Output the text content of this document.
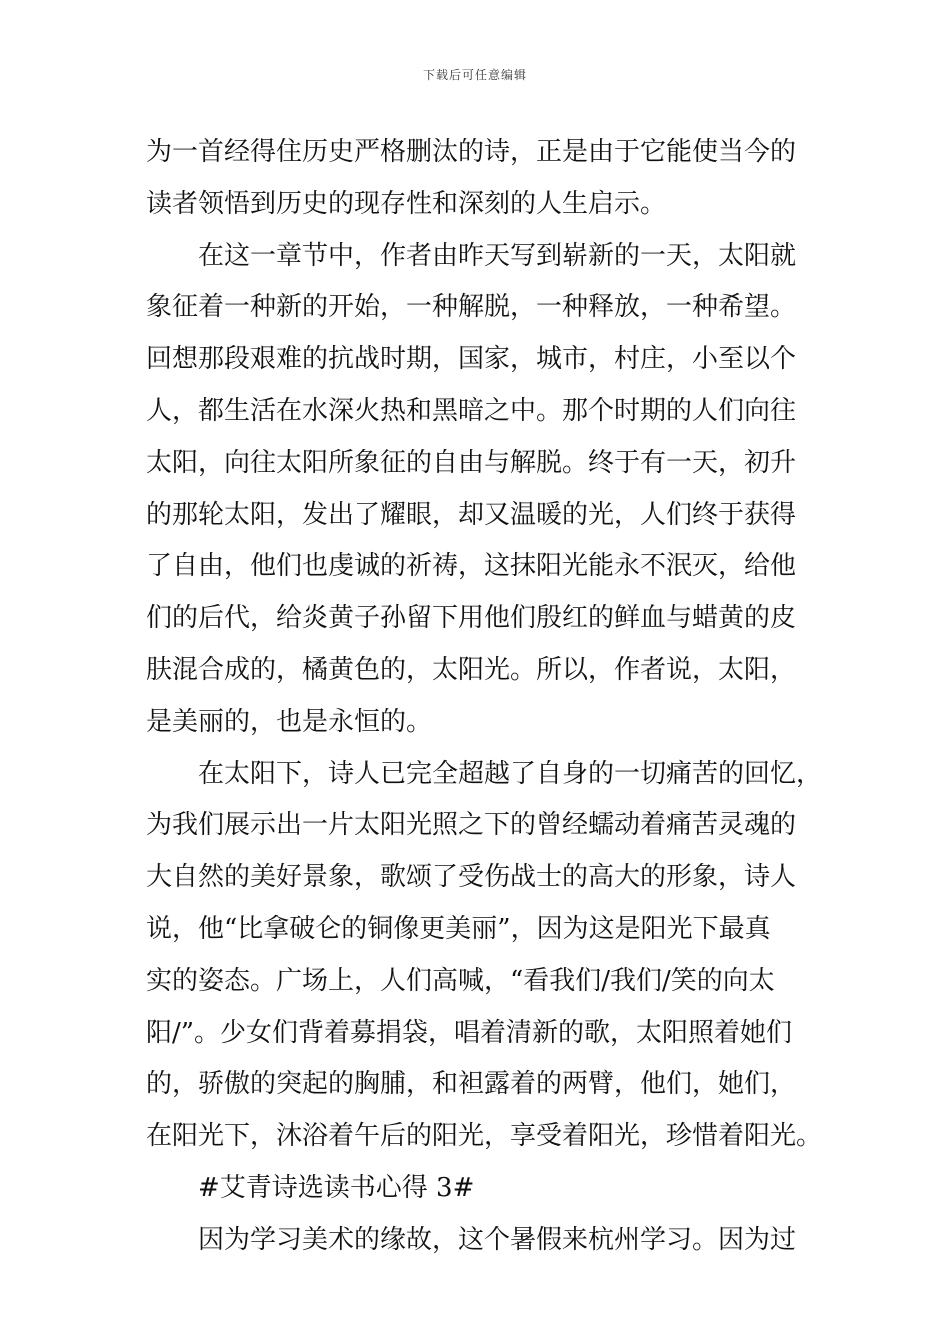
下载后可任意编辑
为一首经得住历史严格删汰的诗，正是由于它能使当今的
读者领悟到历史的现存性和深刻的人生启示。
在这一章节中，作者由昨天写到崭新的一天，太阳就
象征着一种新的开始，一种解脱，一种释放，一种希望。
回想那段艰难的抗战时期，国家，城市，村庄，小至以个
人，都生活在水深火热和黑暗之中。那个时期的人们向往
太阳，向往太阳所象征的自由与解脱。终于有一天，初升
的那轮太阳，发出了耀眼，却又温暖的光，人们终于获得
了自由，他们也虔诚的祈祷，这抹阳光能永不泯灭，给他
们的后代，给炎黄子孙留下用他们殷红的鲜血与蜡黄的皮
肤混合成的，橘黄色的，太阳光。所以，作者说，太阳，
是美丽的，也是永恒的。
在太阳下，诗人已完全超越了自身的一切痛苦的回忆，
为我们展示出一片太阳光照之下的曾经蠕动着痛苦灵魂的
大自然的美好景象，歌颂了受伤战士的高大的形象，诗人
说，他“比拿破仑的铜像更美丽”，因为这是阳光下最真
实的姿态。广场上，人们高喊，“看我们/我们/笑的向太
阳/”。少女们背着募捐袋，唱着清新的歌，太阳照着她们
的，骄傲的突起的胸脯，和袒露着的两臂，他们，她们，
在阳光下，沐浴着午后的阳光，享受着阳光，珍惜着阳光。
#艾青诗选读书心得 3#
因为学习美术的缘故，这个暑假来杭州学习。因为过
